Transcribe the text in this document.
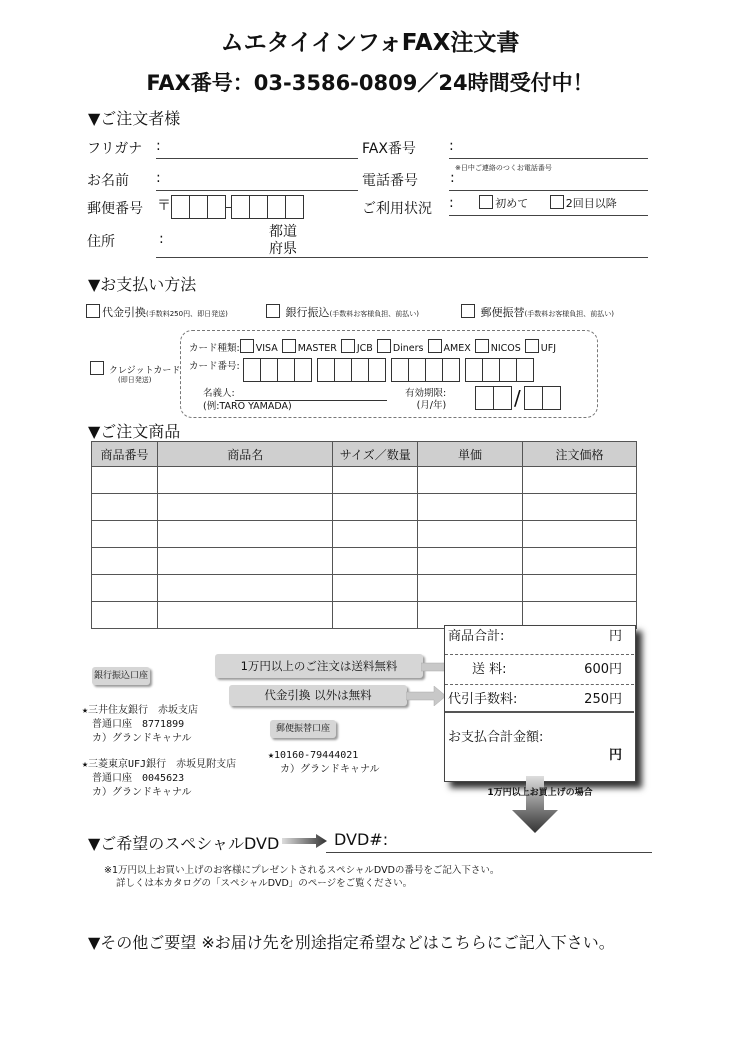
ムエタイインフォFAX注文書
FAX番号：03-3586-0809／24時間受付中！
▼ご注文者様
フリガナ :
お名前 :
郵便番号 〒
住所	:	都道
府県
FAX番号 :
電話番号
※日中ご連絡のつくお電話番号
:
ご利用状況 :	初めて	2回目以降
▼お支払い方法
代金引換(手数料250円、即日発送)	銀行振込(手数料お客様負担、前払い)	郵便振替(手数料お客様負担、前払い)
クレジットカード
(即日発送)
カード種類: VISA MASTER JCB Diners AMEX NICOS UFJ
カード番号:
名義人:
(例:TARO YAMADA)
有効期限:
(月/年)	/
▼ご注文商品
商品番号	商品名	サイズ／数量	単価	注文価格

銀行振込口座
★三井住友銀行　赤坂支店
普通口座　8771899
カ）グランドキャナル
★三菱東京UFJ銀行　赤坂見附支店
普通口座　0045623
カ）グランドキャナル
郵便振替口座
★10160-79444021
カ）グランドキャナル
1万円以上のご注文は送料無料
代金引換 以外は無料
商品合計:	円
送 料:	600円
代引手数料:	250円
お支払合計金額:
円
1万円以上お買上げの場合
▼ご希望のスペシャルDVD	DVD#:
※1万円以上お買い上げのお客様にプレゼントされるスペシャルDVDの番号をご記入下さい。
詳しくは本カタログの「スペシャルDVD」のページをご覧ください。
▼その他ご要望 ※お届け先を別途指定希望などはこちらにご記入下さい。
